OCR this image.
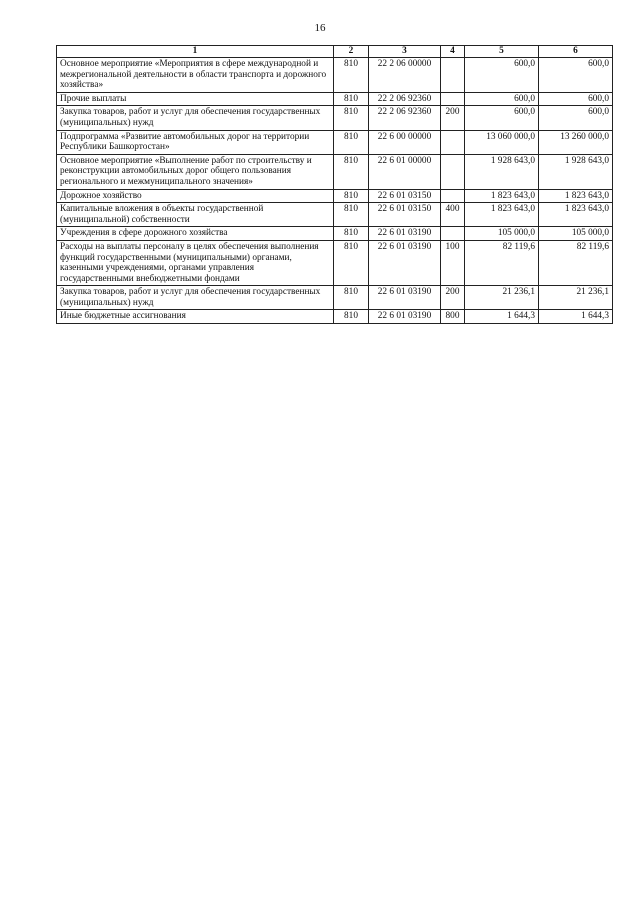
16
1	2	3	4	5	6
Основное мероприятие «Мероприятия в сфере международной и межрегиональной деятельности в области транспорта и дорожного хозяйства»	810	22 2 06 00000		600,0	600,0
Прочие выплаты	810	22 2 06 92360		600,0	600,0
Закупка товаров, работ и услуг для обеспечения государственных (муниципальных) нужд	810	22 2 06 92360	200	600,0	600,0
Подпрограмма «Развитие автомобильных дорог на территории Республики Башкортостан»	810	22 6 00 00000		13 060 000,0	13 260 000,0
Основное мероприятие «Выполнение работ по строительству и реконструкции автомобильных дорог общего пользования регионального и межмуниципального значения»	810	22 6 01 00000		1 928 643,0	1 928 643,0
Дорожное хозяйство	810	22 6 01 03150		1 823 643,0	1 823 643,0
Капитальные вложения в объекты государственной (муниципальной) собственности	810	22 6 01 03150	400	1 823 643,0	1 823 643,0
Учреждения в сфере дорожного хозяйства	810	22 6 01 03190		105 000,0	105 000,0
Расходы на выплаты персоналу в целях обеспечения выполнения функций государственными (муниципальными) органами, казенными учреждениями, органами управления государственными внебюджетными фондами	810	22 6 01 03190	100	82 119,6	82 119,6
Закупка товаров, работ и услуг для обеспечения государственных (муниципальных) нужд	810	22 6 01 03190	200	21 236,1	21 236,1
Иные бюджетные ассигнования	810	22 6 01 03190	800	1 644,3	1 644,3
